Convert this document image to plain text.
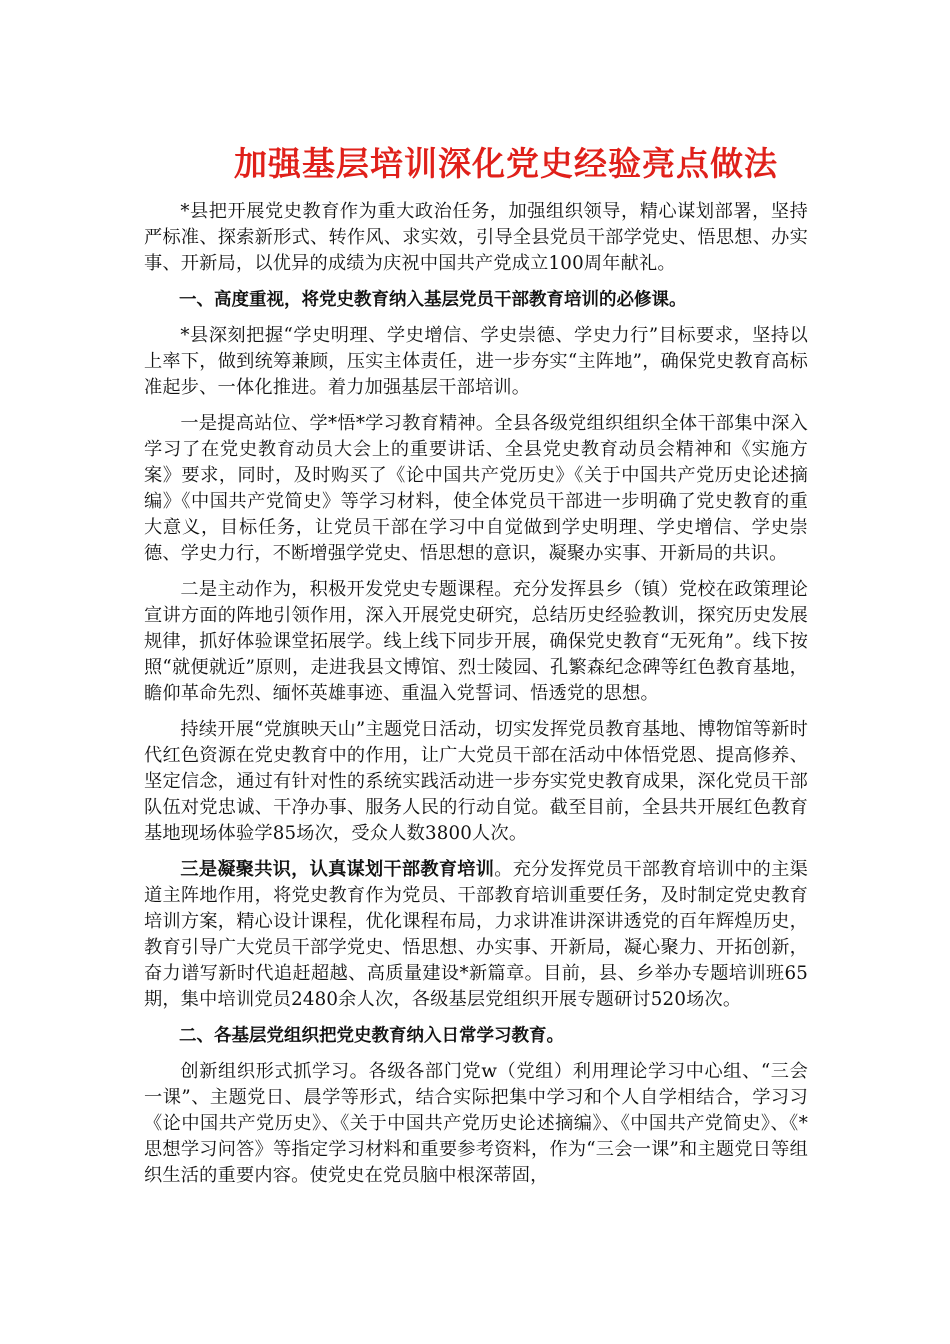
加强基层培训深化党史经验亮点做法

*县把开展党史教育作为重大政治任务，加强组织领导，精心谋划部署，坚持严标准、探索新形式、转作风、求实效，引导全县党员干部学党史、悟思想、办实事、开新局，以优异的成绩为庆祝中国共产党成立100周年献礼。

一、高度重视，将党史教育纳入基层党员干部教育培训的必修课。

*县深刻把握“学史明理、学史增信、学史崇德、学史力行”目标要求，坚持以上率下，做到统筹兼顾，压实主体责任，进一步夯实“主阵地”，确保党史教育高标准起步、一体化推进。着力加强基层干部培训。

一是提高站位、学*悟*学习教育精神。全县各级党组织组织全体干部集中深入学习了在党史教育动员大会上的重要讲话、全县党史教育动员会精神和《实施方案》要求，同时，及时购买了《论中国共产党历史》《关于中国共产党历史论述摘编》《中国共产党简史》等学习材料，使全体党员干部进一步明确了党史教育的重大意义，目标任务，让党员干部在学习中自觉做到学史明理、学史增信、学史崇德、学史力行，不断增强学党史、悟思想的意识，凝聚办实事、开新局的共识。

二是主动作为，积极开发党史专题课程。充分发挥县乡（镇）党校在政策理论宣讲方面的阵地引领作用，深入开展党史研究，总结历史经验教训，探究历史发展规律，抓好体验课堂拓展学。线上线下同步开展，确保党史教育“无死角”。线下按照“就便就近”原则，走进我县文博馆、烈士陵园、孔繁森纪念碑等红色教育基地，瞻仰革命先烈、缅怀英雄事迹、重温入党誓词、悟透党的思想。

持续开展“党旗映天山”主题党日活动，切实发挥党员教育基地、博物馆等新时代红色资源在党史教育中的作用，让广大党员干部在活动中体悟党恩、提高修养、坚定信念，通过有针对性的系统实践活动进一步夯实党史教育成果，深化党员干部队伍对党忠诚、干净办事、服务人民的行动自觉。截至目前，全县共开展红色教育基地现场体验学85场次，受众人数3800人次。

三是凝聚共识，认真谋划干部教育培训。充分发挥党员干部教育培训中的主渠道主阵地作用，将党史教育作为党员、干部教育培训重要任务，及时制定党史教育培训方案，精心设计课程，优化课程布局，力求讲准讲深讲透党的百年辉煌历史，教育引导广大党员干部学党史、悟思想、办实事、开新局，凝心聚力、开拓创新，奋力谱写新时代追赶超越、高质量建设*新篇章。目前，县、乡举办专题培训班65期，集中培训党员2480余人次，各级基层党组织开展专题研讨520场次。

二、各基层党组织把党史教育纳入日常学习教育。

创新组织形式抓学习。各级各部门党w（党组）利用理论学习中心组、“三会一课”、主题党日、晨学等形式，结合实际把集中学习和个人自学相结合，学习习《论中国共产党历史》、《关于中国共产党历史论述摘编》、《中国共产党简史》、《*思想学习问答》等指定学习材料和重要参考资料，作为“三会一课”和主题党日等组织生活的重要内容。使党史在党员脑中根深蒂固，
